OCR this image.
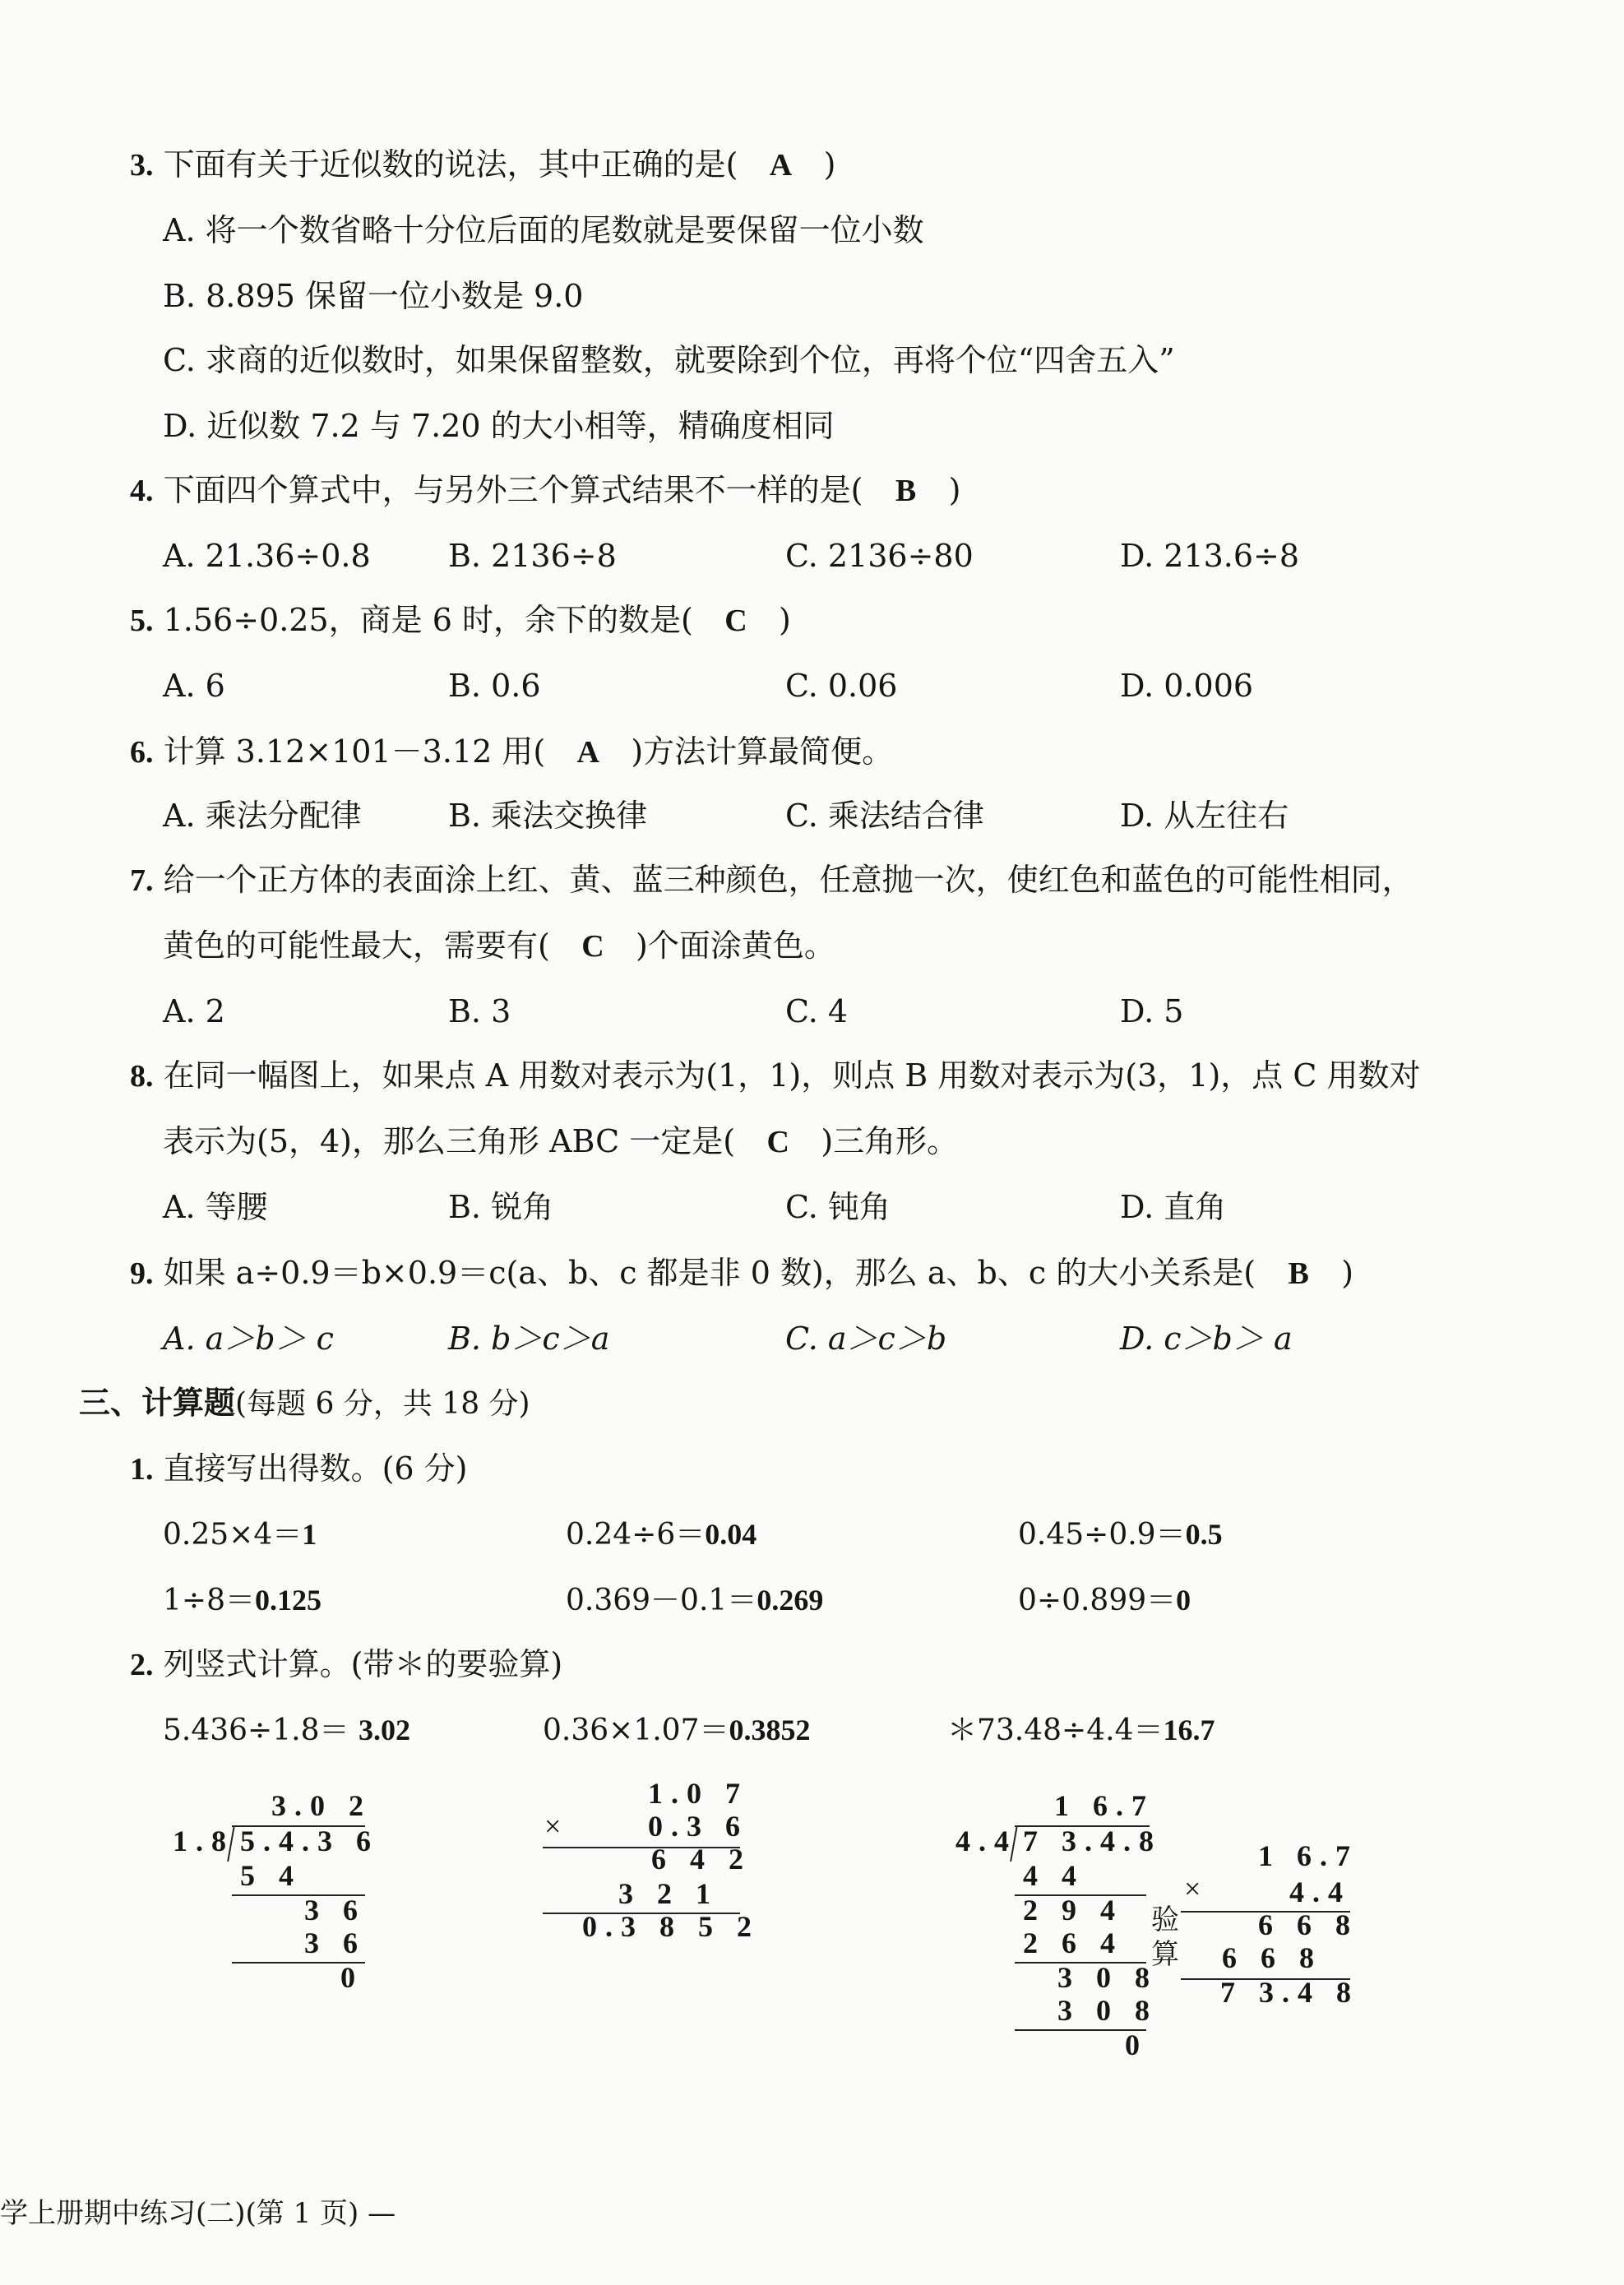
3. 下面有关于近似数的说法，其中正确的是( A )
A. 将一个数省略十分位后面的尾数就是要保留一位小数
B. 8.895 保留一位小数是 9.0
C. 求商的近似数时，如果保留整数，就要除到个位，再将个位“四舍五入”
D. 近似数 7.2 与 7.20 的大小相等，精确度相同
4. 下面四个算式中，与另外三个算式结果不一样的是( B )
A. 21.36÷0.8 B. 2136÷8	C. 2136÷80	D. 213.6÷8
5. 1.56÷0.25，商是 6 时，余下的数是( C )
A. 6	B. 0.6	C. 0.06	D. 0.006
6. 计算 3.12×101－3.12 用( A )方法计算最简便。
A. 乘法分配律	B. 乘法交换律	C. 乘法结合律	D. 从左往右
7. 给一个正方体的表面涂上红、黄、蓝三种颜色，任意抛一次，使红色和蓝色的可能性相同，
黄色的可能性最大，需要有( C )个面涂黄色。
A. 2	B. 3	C. 4	D. 5
8. 在同一幅图上，如果点 A 用数对表示为(1，1)，则点 B 用数对表示为(3，1)，点 C 用数对
表示为(5，4)，那么三角形 ABC 一定是( C )三角形。
A. 等腰	B. 锐角	C. 钝角	D. 直角
9. 如果 a÷0.9＝b×0.9＝c(a、b、c 都是非 0 数)，那么 a、b、c 的大小关系是( B )
A. a＞b＞ c	B. b＞c＞a	C. a＞c＞b	D. c＞b＞ a
三、计算题(每题 6 分，共 18 分)
1. 直接写出得数。(6 分)
0.25×4＝1	0.24÷6＝0.04	0.45÷0.9＝0.5
1÷8＝0.125	0.369－0.1＝0.269	0÷0.899＝0
2. 列竖式计算。(带＊的要验算)
5.436÷1.8＝ 3.02	0.36×1.07＝0.3852	＊73.48÷4.4＝16.7
3.0 2
1.8 5.4.3 6
5 4
3 6
3 6
0
1.0 7
×	0.3 6
6 4 2
3 2 1
0.3 8 5 2
1 6.7
4.4 7 3.4.8
4 4
2 9 4
2 6 4
3 0 8
3 0 8
0
验算
1 6.7
×	4.4
6 6 8
6 6 8
7 3.4 8
学上册期中练习(二)(第 1 页) —
